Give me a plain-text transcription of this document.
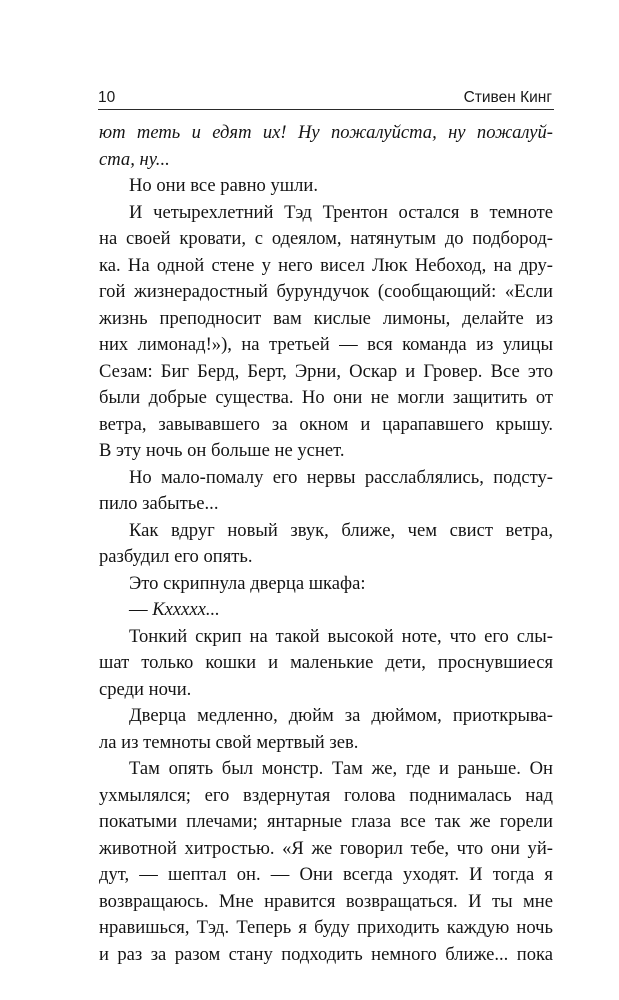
10	Стивен Кинг

ют теть и едят их! Ну пожалуйста, ну пожалуй-
ста, ну...

Но они все равно ушли.

И четырехлетний Тэд Трентон остался в темноте
на своей кровати, с одеялом, натянутым до подбород-
ка. На одной стене у него висел Люк Небоход, на дру-
гой жизнерадостный бурундучок (сообщающий: «Если
жизнь преподносит вам кислые лимоны, делайте из
них лимонад!»), на третьей — вся команда из улицы
Сезам: Биг Берд, Берт, Эрни, Оскар и Гровер. Все это
были добрые существа. Но они не могли защитить от
ветра, завывавшего за окном и царапавшего крышу.
В эту ночь он больше не уснет.

Но мало-помалу его нервы расслаблялись, подсту-
пило забытье...

Как вдруг новый звук, ближе, чем свист ветра,
разбудил его опять.

Это скрипнула дверца шкафа:

— Кххххх...

Тонкий скрип на такой высокой ноте, что его слы-
шат только кошки и маленькие дети, проснувшиеся
среди ночи.

Дверца медленно, дюйм за дюймом, приоткрыва-
ла из темноты свой мертвый зев.

Там опять был монстр. Там же, где и раньше. Он
ухмылялся; его вздернутая голова поднималась над
покатыми плечами; янтарные глаза все так же горели
животной хитростью. «Я же говорил тебе, что они уй-
дут, — шептал он. — Они всегда уходят. И тогда я
возвращаюсь. Мне нравится возвращаться. И ты мне
нравишься, Тэд. Теперь я буду приходить каждую ночь
и раз за разом стану подходить немного ближе... пока
